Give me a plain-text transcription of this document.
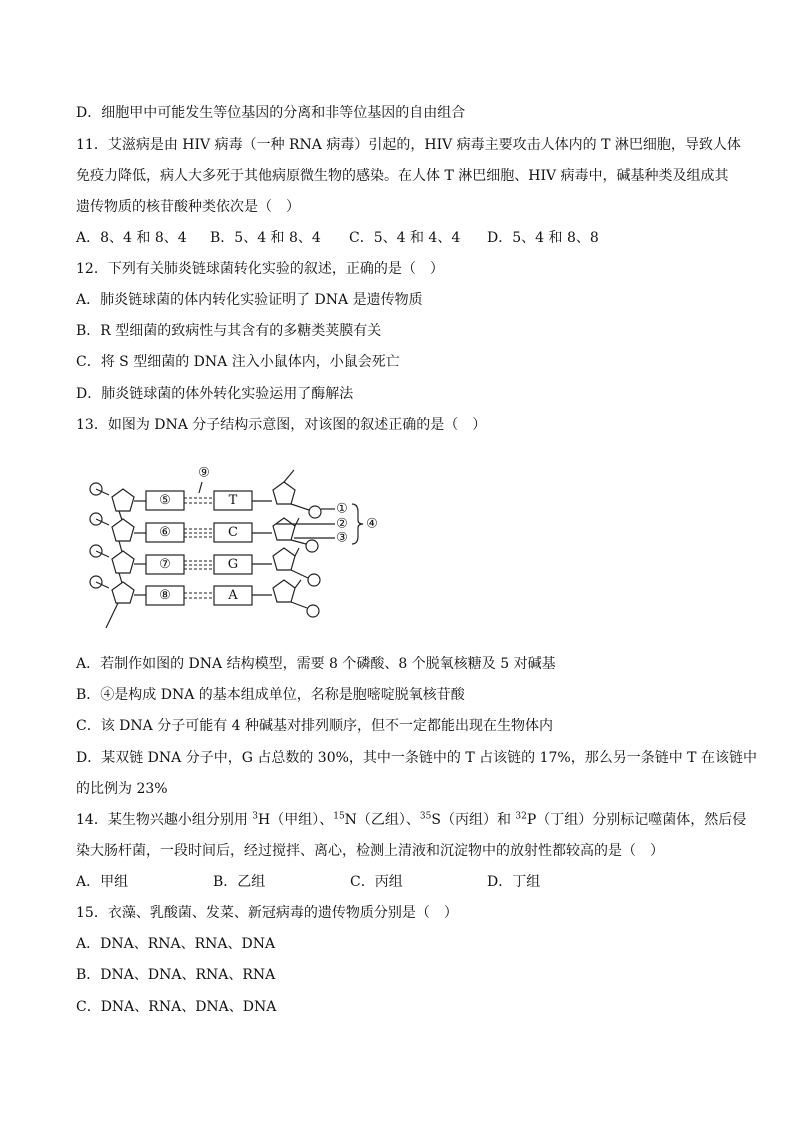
D．细胞甲中可能发生等位基因的分离和非等位基因的自由组合
11．艾滋病是由 HIV 病毒（一种 RNA 病毒）引起的，HIV 病毒主要攻击人体内的 T 淋巴细胞，导致人体
免疫力降低，病人大多死于其他病原微生物的感染。在人体 T 淋巴细胞、HIV 病毒中，碱基种类及组成其
遗传物质的核苷酸种类依次是（　）
A．8、4 和 8、4	B．5、4 和 8、4	C．5、4 和 4、4	D．5、4 和 8、8
12．下列有关肺炎链球菌转化实验的叙述，正确的是（　）
A．肺炎链球菌的体内转化实验证明了 DNA 是遗传物质
B．R 型细菌的致病性与其含有的多糖类荚膜有关
C．将 S 型细菌的 DNA 注入小鼠体内，小鼠会死亡
D．肺炎链球菌的体外转化实验运用了酶解法
13．如图为 DNA 分子结构示意图，对该图的叙述正确的是（　）
⑤
⑥
⑦
⑧
T
C
G
A
⑨
①
②
③
④
A．若制作如图的 DNA 结构模型，需要 8 个磷酸、8 个脱氧核糖及 5 对碱基
B．④是构成 DNA 的基本组成单位，名称是胞嘧啶脱氧核苷酸
C．该 DNA 分子可能有 4 种碱基对排列顺序，但不一定都能出现在生物体内
D．某双链 DNA 分子中，G 占总数的 30%，其中一条链中的 T 占该链的 17%，那么另一条链中 T 在该链中
的比例为 23%
14．某生物兴趣小组分别用 $^3$H（甲组）、$^{15}$N（乙组）、$^{35}$S（丙组）和 $^{32}$P（丁组）分别标记噬菌体，然后侵
染大肠杆菌，一段时间后，经过搅拌、离心，检测上清液和沉淀物中的放射性都较高的是（　）
A．甲组	B．乙组	C．丙组	D．丁组
15．衣藻、乳酸菌、发菜、新冠病毒的遗传物质分别是（　）
A．DNA、RNA、RNA、DNA
B．DNA、DNA、RNA、RNA
C．DNA、RNA、DNA、DNA
